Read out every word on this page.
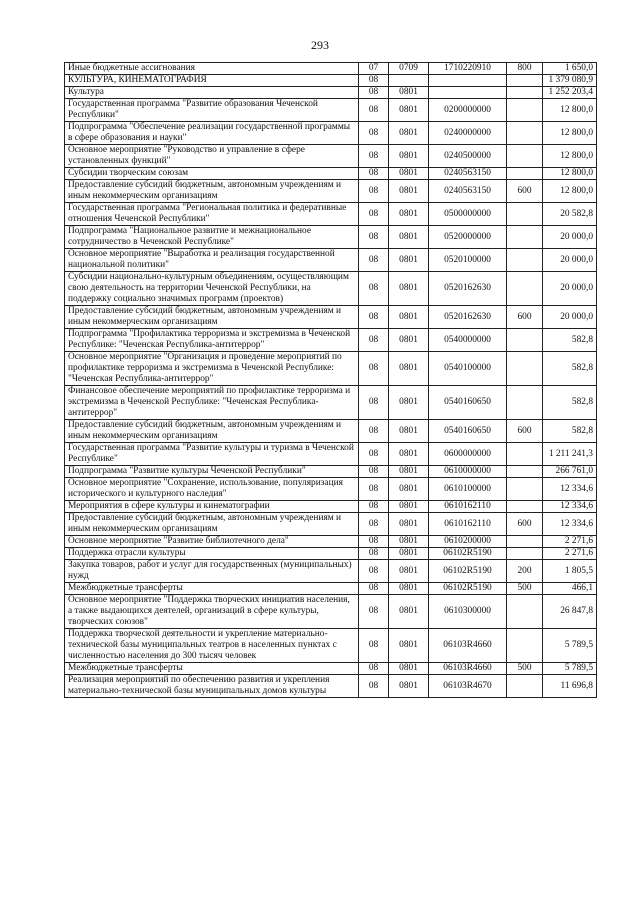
293
Иные бюджетные ассигнования	07	0709	1710220910	800	1 650,0
КУЛЬТУРА, КИНЕМАТОГРАФИЯ	08				1 379 080,9
Культура	08	0801			1 252 203,4
Государственная программа "Развитие образования Чеченской Республики"	08	0801	0200000000		12 800,0
Подпрограмма "Обеспечение реализации государственной программы в сфере образования и науки"	08	0801	0240000000		12 800,0
Основное мероприятие "Руководство и управление в сфере установленных функций"	08	0801	0240500000		12 800,0
Субсидии творческим союзам	08	0801	0240563150		12 800,0
Предоставление субсидий бюджетным, автономным учреждениям и иным некоммерческим организациям	08	0801	0240563150	600	12 800,0
Государственная программа "Региональная политика и федеративные отношения Чеченской Республики"	08	0801	0500000000		20 582,8
Подпрограмма "Национальное развитие и межнациональное сотрудничество в Чеченской Республике"	08	0801	0520000000		20 000,0
Основное мероприятие "Выработка и реализация государственной национальной политики"	08	0801	0520100000		20 000,0
Субсидии национально-культурным объединениям, осуществляющим свою деятельность на территории Чеченской Республики, на поддержку социально значимых программ (проектов)	08	0801	0520162630		20 000,0
Предоставление субсидий бюджетным, автономным учреждениям и иным некоммерческим организациям	08	0801	0520162630	600	20 000,0
Подпрограмма "Профилактика терроризма и экстремизма в Чеченской Республике: "Чеченская Республика-антитеррор"	08	0801	0540000000		582,8
Основное мероприятие "Организация и проведение мероприятий по профилактике терроризма и экстремизма в Чеченской Республике: "Чеченская Республика-антитеррор"	08	0801	0540100000		582,8
Финансовое обеспечение мероприятий по профилактике терроризма и экстремизма в Чеченской Республике: "Чеченская Республика-антитеррор"	08	0801	0540160650		582,8
Предоставление субсидий бюджетным, автономным учреждениям и иным некоммерческим организациям	08	0801	0540160650	600	582,8
Государственная программа "Развитие культуры и туризма в Чеченской Республике"	08	0801	0600000000		1 211 241,3
Подпрограмма "Развитие культуры Чеченской Республики"	08	0801	0610000000		266 761,0
Основное мероприятие "Сохранение, использование, популяризация исторического и культурного наследия"	08	0801	0610100000		12 334,6
Мероприятия в сфере культуры и кинематографии	08	0801	0610162110		12 334,6
Предоставление субсидий бюджетным, автономным учреждениям и иным некоммерческим организациям	08	0801	0610162110	600	12 334,6
Основное мероприятие "Развитие библиотечного дела"	08	0801	0610200000		2 271,6
Поддержка отрасли культуры	08	0801	06102R5190		2 271,6
Закупка товаров, работ и услуг для государственных (муниципальных) нужд	08	0801	06102R5190	200	1 805,5
Межбюджетные трансферты	08	0801	06102R5190	500	466,1
Основное мероприятие "Поддержка творческих инициатив населения, а также выдающихся деятелей, организаций в сфере культуры, творческих союзов"	08	0801	0610300000		26 847,8
Поддержка творческой деятельности и укрепление материально-технической базы муниципальных театров в населенных пунктах с численностью населения до 300 тысяч человек	08	0801	06103R4660		5 789,5
Межбюджетные трансферты	08	0801	06103R4660	500	5 789,5
Реализация мероприятий по обеспечению развития и укрепления материально-технической базы муниципальных домов культуры	08	0801	06103R4670		11 696,8
